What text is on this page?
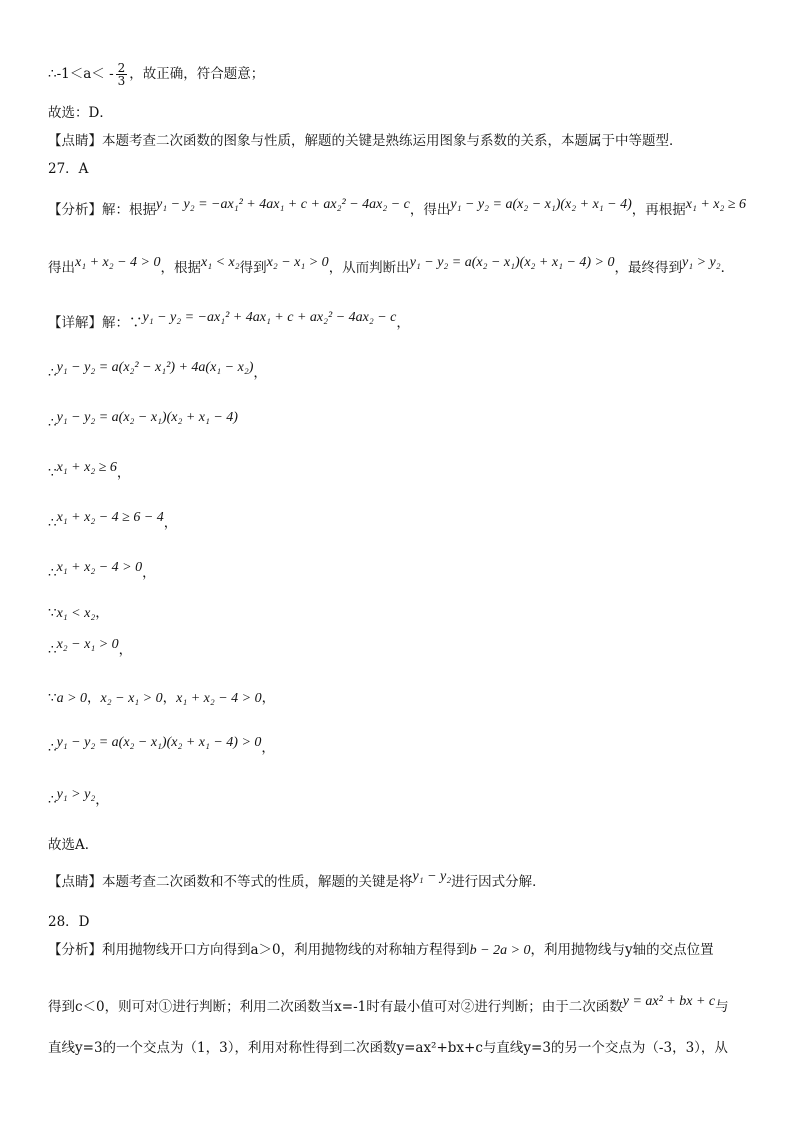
∴-1＜a＜ - $\frac{2}{3}$ ，故正确，符合题意；
故选：D．
【点睛】本题考查二次函数的图象与性质，解题的关键是熟练运用图象与系数的关系，本题属于中等题型．
27．A
【分析】解：根据y₁ − y₂ = −ax₁² + 4ax₁ + c + ax₂² − 4ax₂ − c，得出y₁ − y₂ = a(x₂ − x₁)(x₂ + x₁ − 4)，再根据x₁ + x₂ ≥ 6
得出x₁ + x₂ − 4 > 0，根据x₁ < x₂得到x₂ − x₁ > 0，从而判断出y₁ − y₂ = a(x₂ − x₁)(x₂ + x₁ − 4) > 0，最终得到y₁ > y₂．
【详解】解：∵y₁ − y₂ = −ax₁² + 4ax₁ + c + ax₂² − 4ax₂ − c，
∴y₁ − y₂ = a(x₂² − x₁²) + 4a(x₁ − x₂)，
∴y₁ − y₂ = a(x₂ − x₁)(x₂ + x₁ − 4)
∵x₁ + x₂ ≥ 6，
∴x₁ + x₂ − 4 ≥ 6 − 4，
∴x₁ + x₂ − 4 > 0，
∵x₁ < x₂，
∴x₂ − x₁ > 0，
∵a > 0，x₂ − x₁ > 0，x₁ + x₂ − 4 > 0，
∴y₁ − y₂ = a(x₂ − x₁)(x₂ + x₁ − 4) > 0，
∴y₁ > y₂，
故选A．
【点睛】本题考查二次函数和不等式的性质，解题的关键是将y₁ − y₂进行因式分解．
28．D
【分析】利用抛物线开口方向得到a＞0，利用抛物线的对称轴方程得到b − 2a > 0，利用抛物线与y轴的交点位置
得到c＜0，则可对①进行判断；利用二次函数当x=-1时有最小值可对②进行判断；由于二次函数y = ax² + bx + c与
直线y=3的一个交点为（1，3），利用对称性得到二次函数y=ax²+bx+c与直线y=3的另一个交点为（-3，3），从
